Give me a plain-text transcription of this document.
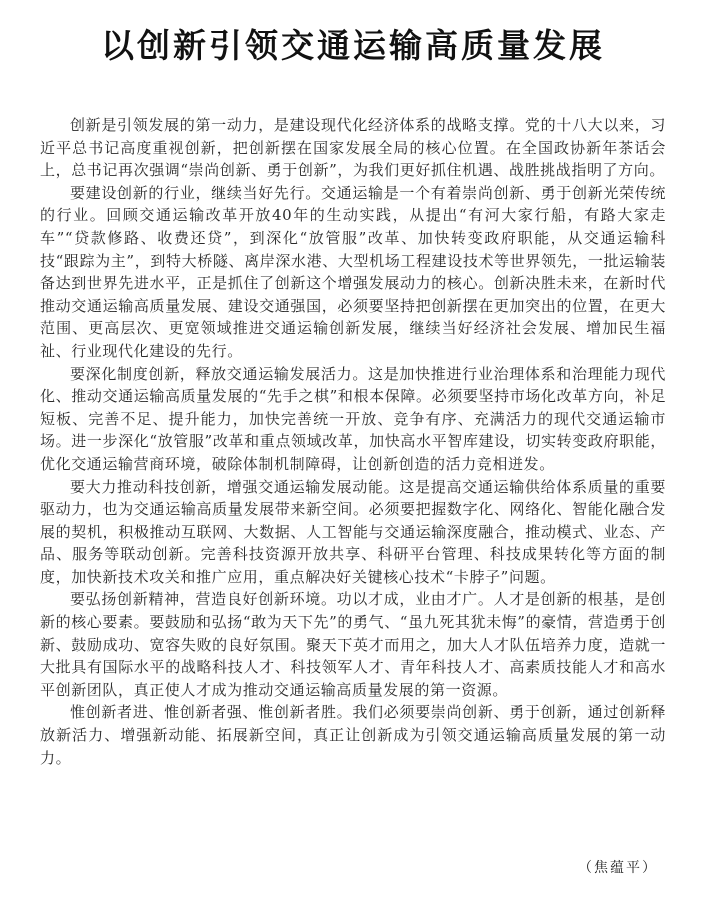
以创新引领交通运输高质量发展

创新是引领发展的第一动力，是建设现代化经济体系的战略支撑。党的十八大以来，习近平总书记高度重视创新，把创新摆在国家发展全局的核心位置。在全国政协新年茶话会上，总书记再次强调“崇尚创新、勇于创新”，为我们更好抓住机遇、战胜挑战指明了方向。

要建设创新的行业，继续当好先行。交通运输是一个有着崇尚创新、勇于创新光荣传统的行业。回顾交通运输改革开放40年的生动实践，从提出“有河大家行船，有路大家走车”“贷款修路、收费还贷”，到深化“放管服”改革、加快转变政府职能，从交通运输科技“跟踪为主”，到特大桥隧、离岸深水港、大型机场工程建设技术等世界领先，一批运输装备达到世界先进水平，正是抓住了创新这个增强发展动力的核心。创新决胜未来，在新时代推动交通运输高质量发展、建设交通强国，必须要坚持把创新摆在更加突出的位置，在更大范围、更高层次、更宽领域推进交通运输创新发展，继续当好经济社会发展、增加民生福祉、行业现代化建设的先行。

要深化制度创新，释放交通运输发展活力。这是加快推进行业治理体系和治理能力现代化、推动交通运输高质量发展的“先手之棋”和根本保障。必须要坚持市场化改革方向，补足短板、完善不足、提升能力，加快完善统一开放、竞争有序、充满活力的现代交通运输市场。进一步深化“放管服”改革和重点领域改革，加快高水平智库建设，切实转变政府职能，优化交通运输营商环境，破除体制机制障碍，让创新创造的活力竞相迸发。

要大力推动科技创新，增强交通运输发展动能。这是提高交通运输供给体系质量的重要驱动力，也为交通运输高质量发展带来新空间。必须要把握数字化、网络化、智能化融合发展的契机，积极推动互联网、大数据、人工智能与交通运输深度融合，推动模式、业态、产品、服务等联动创新。完善科技资源开放共享、科研平台管理、科技成果转化等方面的制度，加快新技术攻关和推广应用，重点解决好关键核心技术“卡脖子”问题。

要弘扬创新精神，营造良好创新环境。功以才成，业由才广。人才是创新的根基，是创新的核心要素。要鼓励和弘扬“敢为天下先”的勇气、“虽九死其犹未悔”的豪情，营造勇于创新、鼓励成功、宽容失败的良好氛围。聚天下英才而用之，加大人才队伍培养力度，造就一大批具有国际水平的战略科技人才、科技领军人才、青年科技人才、高素质技能人才和高水平创新团队，真正使人才成为推动交通运输高质量发展的第一资源。

惟创新者进、惟创新者强、惟创新者胜。我们必须要崇尚创新、勇于创新，通过创新释放新活力、增强新动能、拓展新空间，真正让创新成为引领交通运输高质量发展的第一动力。

（焦蕴平）
